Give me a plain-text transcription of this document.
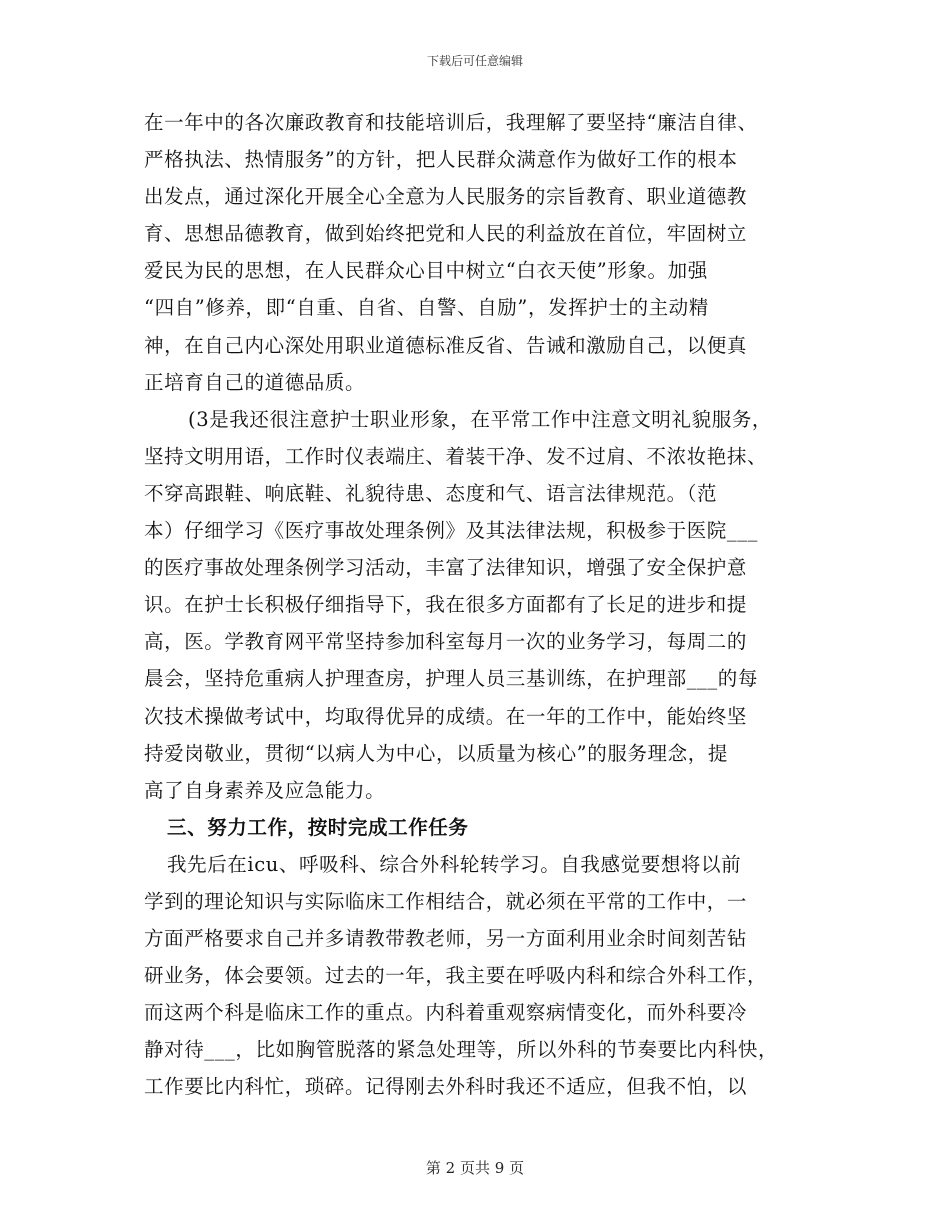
下载后可任意编辑
在一年中的各次廉政教育和技能培训后，我理解了要坚持“廉洁自律、
严格执法、热情服务”的方针，把人民群众满意作为做好工作的根本
出发点，通过深化开展全心全意为人民服务的宗旨教育、职业道德教
育、思想品德教育，做到始终把党和人民的利益放在首位，牢固树立
爱民为民的思想，在人民群众心目中树立“白衣天使”形象。加强
“四自”修养，即“自重、自省、自警、自励”，发挥护士的主动精
神，在自己内心深处用职业道德标准反省、告诫和激励自己，以便真
正培育自己的道德品质。
(3是我还很注意护士职业形象，在平常工作中注意文明礼貌服务，
坚持文明用语，工作时仪表端庄、着装干净、发不过肩、不浓妆艳抹、
不穿高跟鞋、响底鞋、礼貌待患、态度和气、语言法律规范。（范
本）仔细学习《医疗事故处理条例》及其法律法规，积极参于医院___
的医疗事故处理条例学习活动，丰富了法律知识，增强了安全保护意
识。在护士长积极仔细指导下，我在很多方面都有了长足的进步和提
高，医。学教育网平常坚持参加科室每月一次的业务学习，每周二的
晨会，坚持危重病人护理查房，护理人员三基训练，在护理部___的每
次技术操做考试中，均取得优异的成绩。在一年的工作中，能始终坚
持爱岗敬业，贯彻“以病人为中心，以质量为核心”的服务理念，提
高了自身素养及应急能力。
三、努力工作，按时完成工作任务
我先后在icu、呼吸科、综合外科轮转学习。自我感觉要想将以前
学到的理论知识与实际临床工作相结合，就必须在平常的工作中，一
方面严格要求自己并多请教带教老师，另一方面利用业余时间刻苦钻
研业务，体会要领。过去的一年，我主要在呼吸内科和综合外科工作，
而这两个科是临床工作的重点。内科着重观察病情变化，而外科要冷
静对待___，比如胸管脱落的紧急处理等，所以外科的节奏要比内科快，
工作要比内科忙，琐碎。记得刚去外科时我还不适应，但我不怕，以
第 2 页共 9 页
